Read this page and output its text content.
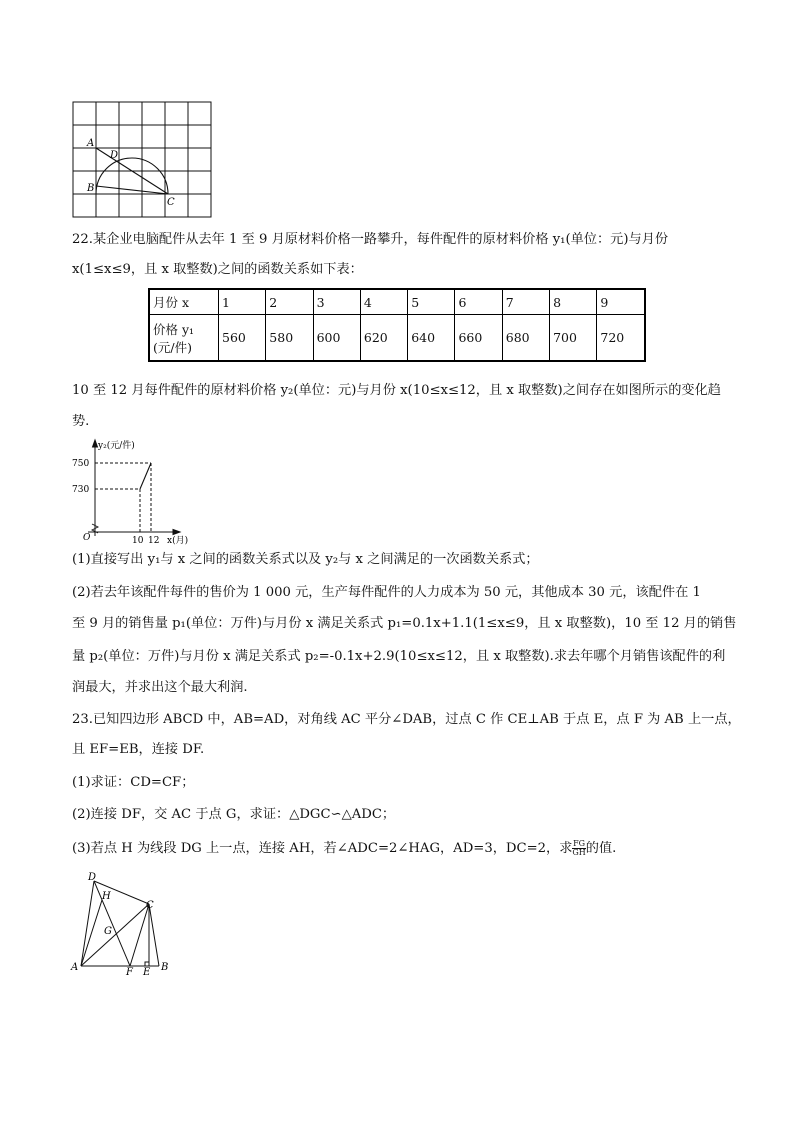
A
D
B
C
22.某企业电脑配件从去年 1 至 9 月原材料价格一路攀升，每件配件的原材料价格 y₁(单位：元)与月份
x(1≤x≤9，且 x 取整数)之间的函数关系如下表：
月份 x	1	2	3	4	5	6	7	8	9

价格 y₁
(元/件)	560	580	600	620	640	660	680	700	720
10 至 12 月每件配件的原材料价格 y₂(单位：元)与月份 x(10≤x≤12，且 x 取整数)之间存在如图所示的变化趋
势.
y₂(元/件)
750
730
O	10 12 x(月)
(1)直接写出 y₁与 x 之间的函数关系式以及 y₂与 x 之间满足的一次函数关系式；
(2)若去年该配件每件的售价为 1 000 元，生产每件配件的人力成本为 50 元，其他成本 30 元，该配件在 1
至 9 月的销售量 p₁(单位：万件)与月份 x 满足关系式 p₁=0.1x+1.1(1≤x≤9，且 x 取整数)，10 至 12 月的销售
量 p₂(单位：万件)与月份 x 满足关系式 p₂=-0.1x+2.9(10≤x≤12，且 x 取整数).求去年哪个月销售该配件的利
润最大，并求出这个最大利润.
23.已知四边形 ABCD 中，AB=AD，对角线 AC 平分∠DAB，过点 C 作 CE⊥AB 于点 E，点 F 为 AB 上一点，
且 EF=EB，连接 DF.
(1)求证：CD=CF；
(2)连接 DF，交 AC 于点 G，求证：△DGC∽△ADC；
(3)若点 H 为线段 DG 上一点，连接 AH，若∠ADC=2∠HAG，AD=3，DC=2，求 $\frac{FG}{GH}$ 的值.
D
H
C
G
A	F E B
